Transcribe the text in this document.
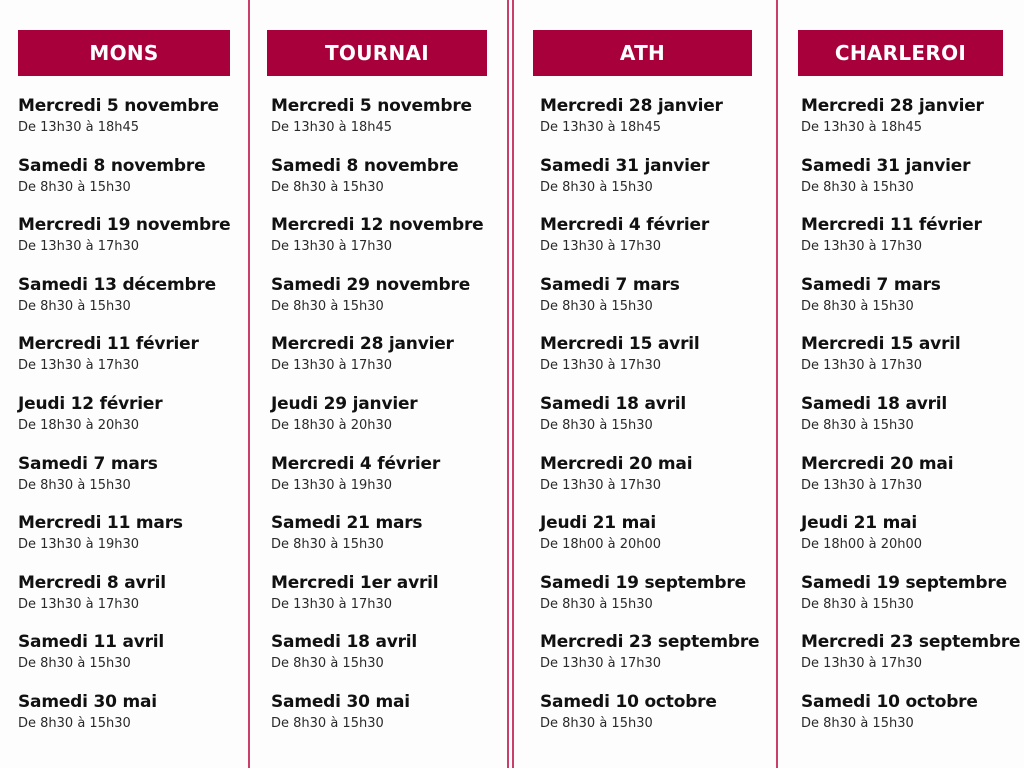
MONS
Mercredi 5 novembre
De 13h30 à 18h45
Samedi 8 novembre
De 8h30 à 15h30
Mercredi 19 novembre
De 13h30 à 17h30
Samedi 13 décembre
De 8h30 à 15h30
Mercredi 11 février
De 13h30 à 17h30
Jeudi 12 février
De 18h30 à 20h30
Samedi 7 mars
De 8h30 à 15h30
Mercredi 11 mars
De 13h30 à 19h30
Mercredi 8 avril
De 13h30 à 17h30
Samedi 11 avril
De 8h30 à 15h30
Samedi 30 mai
De 8h30 à 15h30
TOURNAI
Mercredi 5 novembre
De 13h30 à 18h45
Samedi 8 novembre
De 8h30 à 15h30
Mercredi 12 novembre
De 13h30 à 17h30
Samedi 29 novembre
De 8h30 à 15h30
Mercredi 28 janvier
De 13h30 à 17h30
Jeudi 29 janvier
De 18h30 à 20h30
Mercredi 4 février
De 13h30 à 19h30
Samedi 21 mars
De 8h30 à 15h30
Mercredi 1er avril
De 13h30 à 17h30
Samedi 18 avril
De 8h30 à 15h30
Samedi 30 mai
De 8h30 à 15h30
ATH
Mercredi 28 janvier
De 13h30 à 18h45
Samedi 31 janvier
De 8h30 à 15h30
Mercredi 4 février
De 13h30 à 17h30
Samedi 7 mars
De 8h30 à 15h30
Mercredi 15 avril
De 13h30 à 17h30
Samedi 18 avril
De 8h30 à 15h30
Mercredi 20 mai
De 13h30 à 17h30
Jeudi 21 mai
De 18h00 à 20h00
Samedi 19 septembre
De 8h30 à 15h30
Mercredi 23 septembre
De 13h30 à 17h30
Samedi 10 octobre
De 8h30 à 15h30
CHARLEROI
Mercredi 28 janvier
De 13h30 à 18h45
Samedi 31 janvier
De 8h30 à 15h30
Mercredi 11 février
De 13h30 à 17h30
Samedi 7 mars
De 8h30 à 15h30
Mercredi 15 avril
De 13h30 à 17h30
Samedi 18 avril
De 8h30 à 15h30
Mercredi 20 mai
De 13h30 à 17h30
Jeudi 21 mai
De 18h00 à 20h00
Samedi 19 septembre
De 8h30 à 15h30
Mercredi 23 septembre
De 13h30 à 17h30
Samedi 10 octobre
De 8h30 à 15h30
